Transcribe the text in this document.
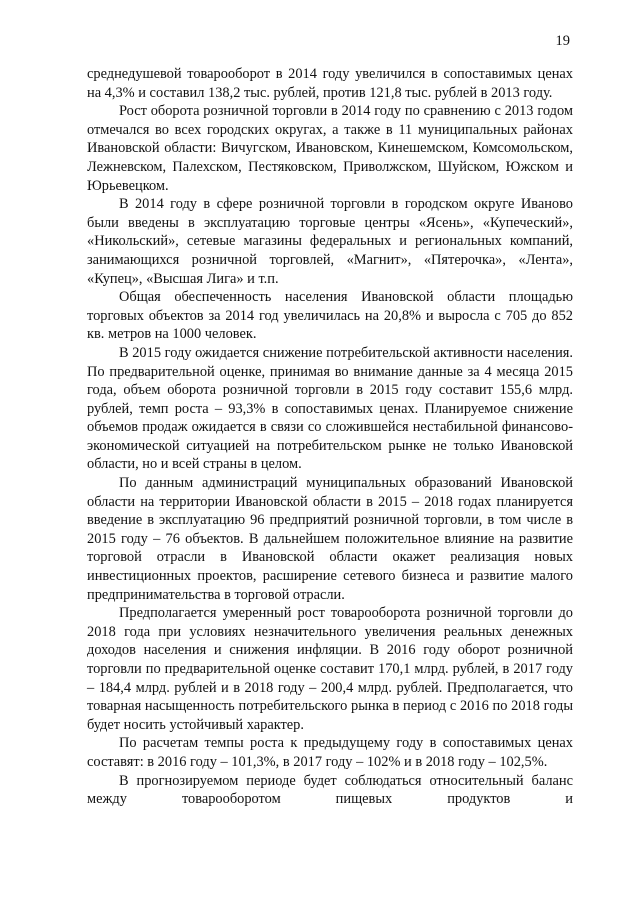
19

среднедушевой товарооборот в 2014 году увеличился в сопоставимых ценах на 4,3% и составил 138,2 тыс. рублей, против 121,8 тыс. рублей в 2013 году.

Рост оборота розничной торговли в 2014 году по сравнению с 2013 годом отмечался во всех городских округах, а также в 11 муниципальных районах Ивановской области: Вичугском, Ивановском, Кинешемском, Комсомольском, Лежневском, Палехском, Пестяковском, Приволжском, Шуйском, Южском и Юрьевецком.

В 2014 году в сфере розничной торговли в городском округе Иваново были введены в эксплуатацию торговые центры «Ясень», «Купеческий», «Никольский», сетевые магазины федеральных и региональных компаний, занимающихся розничной торговлей, «Магнит», «Пятерочка», «Лента», «Купец», «Высшая Лига» и т.п.

Общая обеспеченность населения Ивановской области площадью торговых объектов за 2014 год увеличилась на 20,8% и выросла с 705 до 852 кв. метров на 1000 человек.

В 2015 году ожидается снижение потребительской активности населения. По предварительной оценке, принимая во внимание данные за 4 месяца 2015 года, объем оборота розничной торговли в 2015 году составит 155,6 млрд. рублей, темп роста – 93,3% в сопоставимых ценах. Планируемое снижение объемов продаж ожидается в связи со сложившейся нестабильной финансово-экономической ситуацией на потребительском рынке не только Ивановской области, но и всей страны в целом.

По данным администраций муниципальных образований Ивановской области на территории Ивановской области в 2015 – 2018 годах планируется введение в эксплуатацию 96 предприятий розничной торговли, в том числе в 2015 году – 76 объектов. В дальнейшем положительное влияние на развитие торговой отрасли в Ивановской области окажет реализация новых инвестиционных проектов, расширение сетевого бизнеса и развитие малого предпринимательства в торговой отрасли.

Предполагается умеренный рост товарооборота розничной торговли до 2018 года при условиях незначительного увеличения реальных денежных доходов населения и снижения инфляции. В 2016 году оборот розничной торговли по предварительной оценке составит 170,1 млрд. рублей, в 2017 году – 184,4 млрд. рублей и в 2018 году – 200,4 млрд. рублей. Предполагается, что товарная насыщенность потребительского рынка в период с 2016 по 2018 годы будет носить устойчивый характер.

По расчетам темпы роста к предыдущему году в сопоставимых ценах составят: в 2016 году – 101,3%, в 2017 году – 102% и в 2018 году – 102,5%.

В прогнозируемом периоде будет соблюдаться относительный баланс между товарооборотом пищевых продуктов и
